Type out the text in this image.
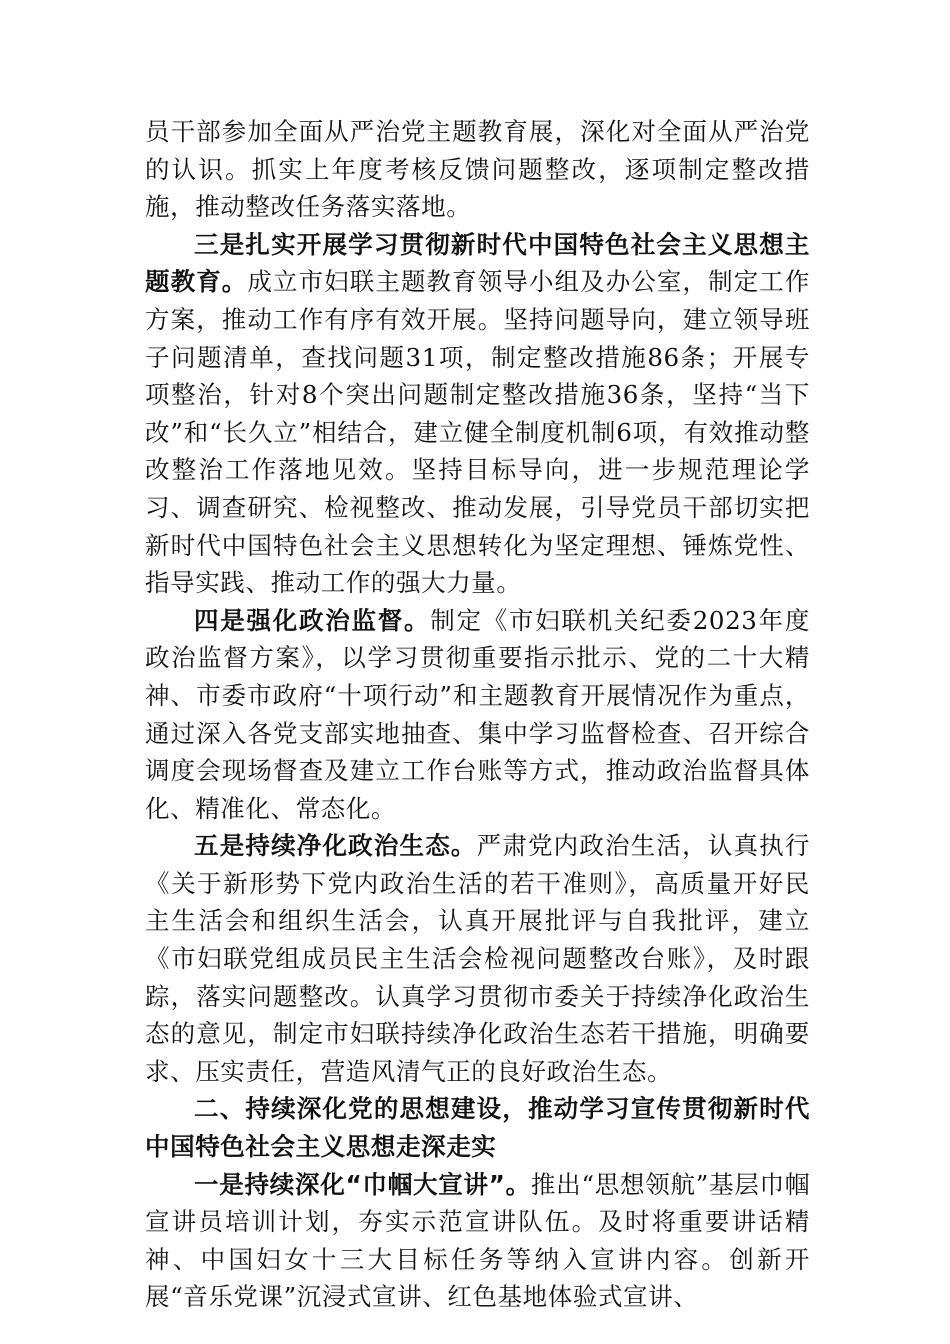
员干部参加全面从严治党主题教育展，深化对全面从严治党的认识。抓实上年度考核反馈问题整改，逐项制定整改措施，推动整改任务落实落地。

三是扎实开展学习贯彻新时代中国特色社会主义思想主题教育。成立市妇联主题教育领导小组及办公室，制定工作方案，推动工作有序有效开展。坚持问题导向，建立领导班子问题清单，查找问题31项，制定整改措施86条；开展专项整治，针对8个突出问题制定整改措施36条，坚持“当下改”和“长久立”相结合，建立健全制度机制6项，有效推动整改整治工作落地见效。坚持目标导向，进一步规范理论学习、调查研究、检视整改、推动发展，引导党员干部切实把新时代中国特色社会主义思想转化为坚定理想、锤炼党性、指导实践、推动工作的强大力量。

四是强化政治监督。制定《市妇联机关纪委2023年度政治监督方案》，以学习贯彻重要指示批示、党的二十大精神、市委市政府“十项行动”和主题教育开展情况作为重点，通过深入各党支部实地抽查、集中学习监督检查、召开综合调度会现场督查及建立工作台账等方式，推动政治监督具体化、精准化、常态化。

五是持续净化政治生态。严肃党内政治生活，认真执行《关于新形势下党内政治生活的若干准则》，高质量开好民主生活会和组织生活会，认真开展批评与自我批评，建立《市妇联党组成员民主生活会检视问题整改台账》，及时跟踪，落实问题整改。认真学习贯彻市委关于持续净化政治生态的意见，制定市妇联持续净化政治生态若干措施，明确要求、压实责任，营造风清气正的良好政治生态。

二、持续深化党的思想建设，推动学习宣传贯彻新时代中国特色社会主义思想走深走实

一是持续深化“巾帼大宣讲”。推出“思想领航”基层巾帼宣讲员培训计划，夯实示范宣讲队伍。及时将重要讲话精神、中国妇女十三大目标任务等纳入宣讲内容。创新开展“音乐党课”沉浸式宣讲、红色基地体验式宣讲、
